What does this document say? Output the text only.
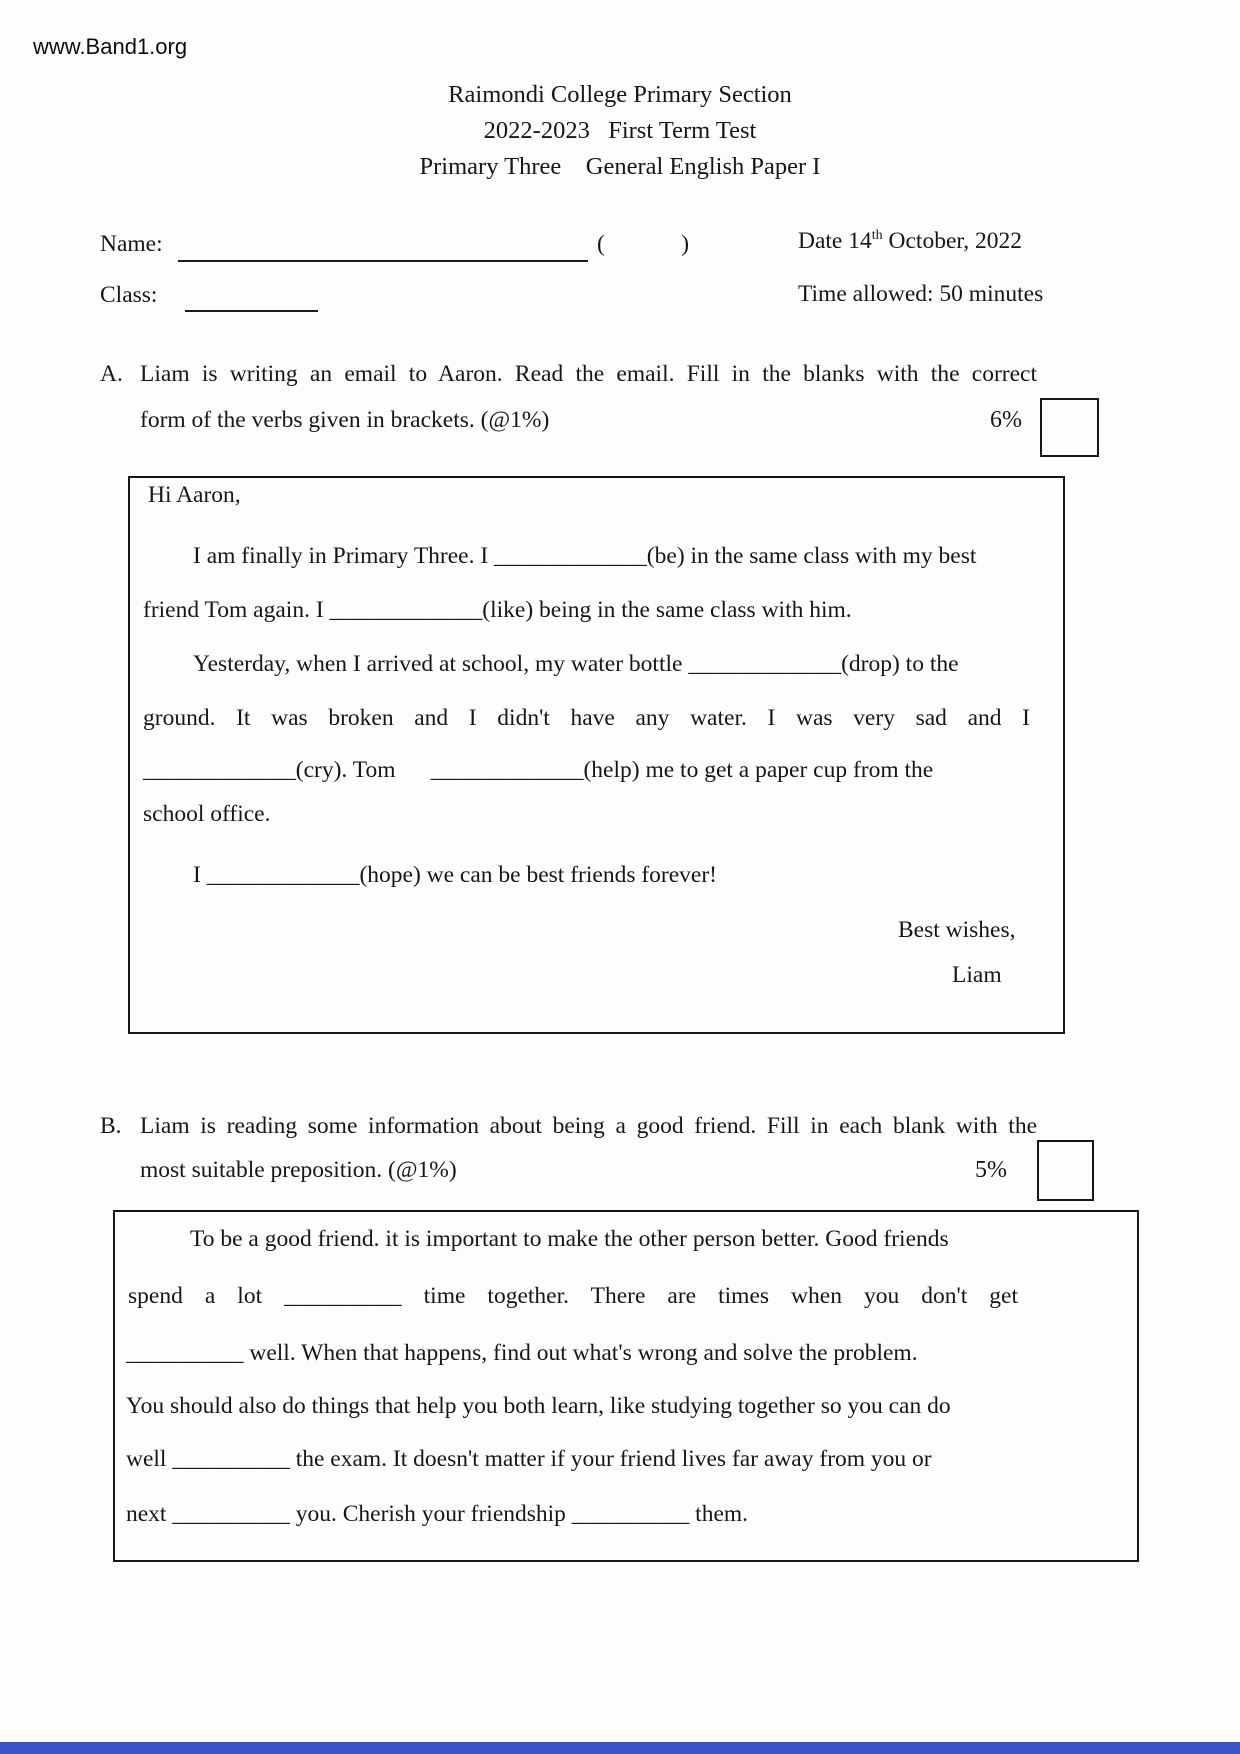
www.Band1.org
Raimondi College Primary Section
2022-2023   First Term Test
Primary Three    General English Paper I
Name:	(             )	Date 14th October, 2022
Class:	Time allowed: 50 minutes
A. Liam is writing an email to Aaron. Read the email. Fill in the blanks with the correct
form of the verbs given in brackets. (@1%)	6%
Hi Aaron,
I am finally in Primary Three. I _____________(be) in the same class with my best
friend Tom again. I _____________(like) being in the same class with him.
Yesterday, when I arrived at school, my water bottle _____________(drop) to the
ground. It was broken and I didn't have any water. I was very sad and I
_____________(cry). Tom      _____________(help) me to get a paper cup from the
school office.
I _____________(hope) we can be best friends forever!
Best wishes,
Liam
B. Liam is reading some information about being a good friend. Fill in each blank with the
most suitable preposition. (@1%)	5%
To be a good friend. it is important to make the other person better. Good friends
spend a lot __________ time together. There are times when you don't get
__________ well. When that happens, find out what's wrong and solve the problem.
You should also do things that help you both learn, like studying together so you can do
well __________ the exam. It doesn't matter if your friend lives far away from you or
next __________ you. Cherish your friendship __________ them.
